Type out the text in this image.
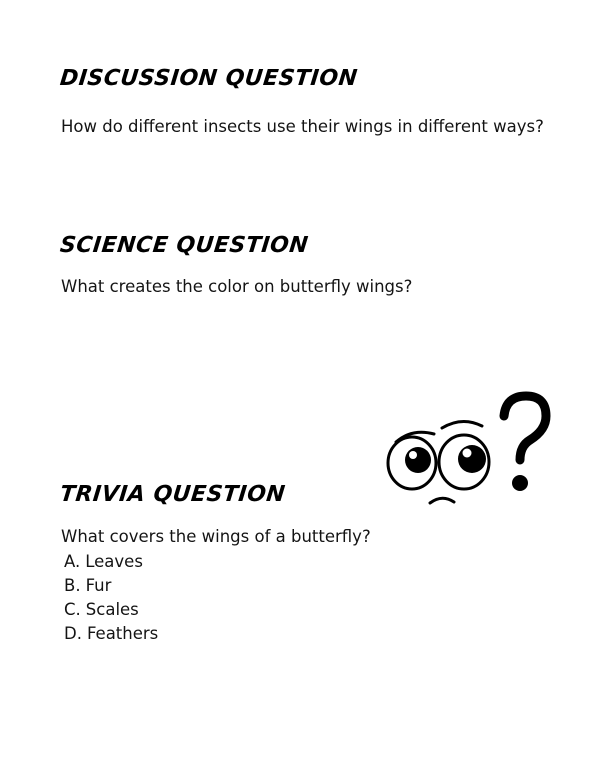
DISCUSSION QUESTION

How do different insects use their wings in different ways?

SCIENCE QUESTION

What creates the color on butterfly wings?

TRIVIA QUESTION

What covers the wings of a butterfly?

A. Leaves
B. Fur
C. Scales
D. Feathers
